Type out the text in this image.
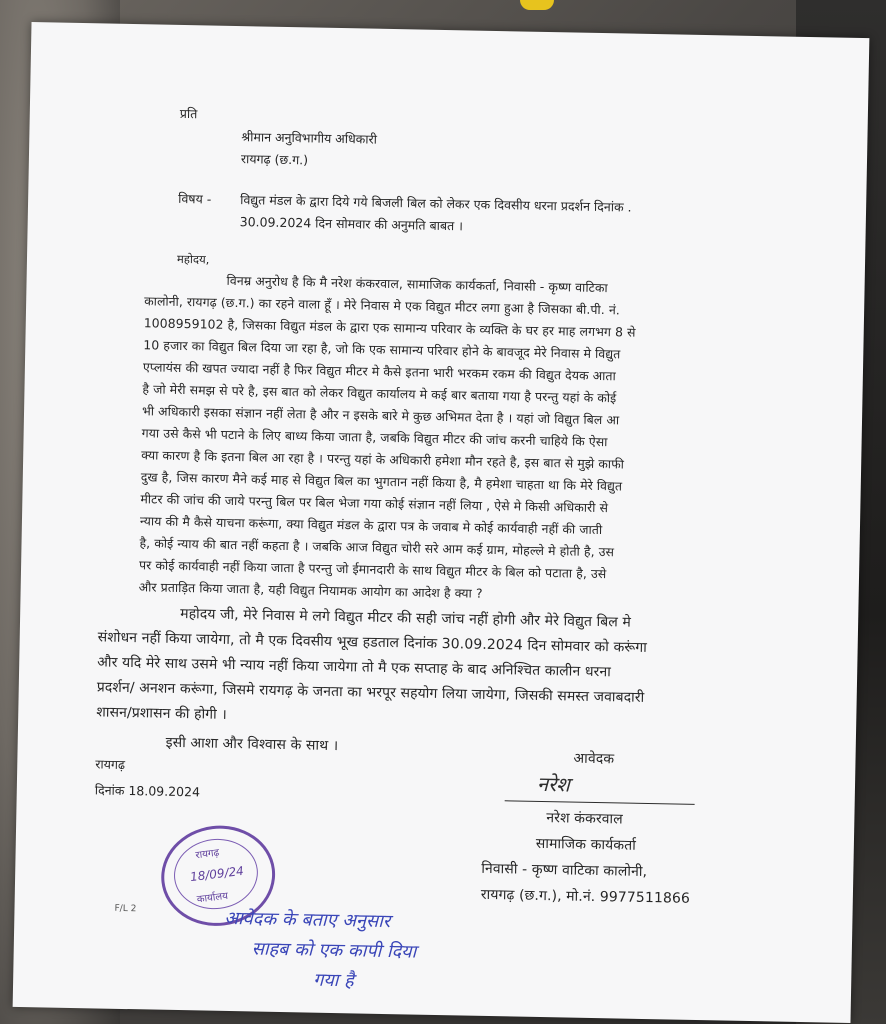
प्रति
श्रीमान अनुविभागीय अधिकारी
रायगढ़ (छ.ग.)
विषय - विद्युत मंडल के द्वारा दिये गये बिजली बिल को लेकर एक दिवसीय धरना प्रदर्शन दिनांक .
30.09.2024 दिन सोमवार की अनुमति बाबत ।
महोदय,
विनम्र अनुरोध है कि मै नरेश कंकरवाल, सामाजिक कार्यकर्ता, निवासी - कृष्ण वाटिका
कालोनी, रायगढ़ (छ.ग.) का रहने वाला हूँ । मेरे निवास मे एक विद्युत मीटर लगा हुआ है जिसका बी.पी. नं.
1008959102 है, जिसका विद्युत मंडल के द्वारा एक सामान्य परिवार के व्यक्ति के घर हर माह लगभग 8 से
10 हजार का विद्युत बिल दिया जा रहा है, जो कि एक सामान्य परिवार होने के बावजूद मेरे निवास मे विद्युत
एप्लायंस की खपत ज्यादा नहीं है फिर विद्युत मीटर मे कैसे इतना भारी भरकम रकम की विद्युत देयक आता
है जो मेरी समझ से परे है, इस बात को लेकर विद्युत कार्यालय मे कई बार बताया गया है परन्तु यहां के कोई
भी अधिकारी इसका संज्ञान नहीं लेता है और न इसके बारे मे कुछ अभिमत देता है । यहां जो विद्युत बिल आ
गया उसे कैसे भी पटाने के लिए बाध्य किया जाता है, जबकि विद्युत मीटर की जांच करनी चाहिये कि ऐसा
क्या कारण है कि इतना बिल आ रहा है । परन्तु यहां के अधिकारी हमेशा मौन रहते है, इस बात से मुझे काफी
दुख है, जिस कारण मैने कई माह से विद्युत बिल का भुगतान नहीं किया है, मै हमेशा चाहता था कि मेरे विद्युत
मीटर की जांच की जाये परन्तु बिल पर बिल भेजा गया कोई संज्ञान नहीं लिया , ऐसे मे किसी अधिकारी से
न्याय की मै कैसे याचना करूंगा, क्या विद्युत मंडल के द्वारा पत्र के जवाब मे कोई कार्यवाही नहीं की जाती
है, कोई न्याय की बात नहीं कहता है । जबकि आज विद्युत चोरी सरे आम कई ग्राम, मोहल्ले मे होती है, उस
पर कोई कार्यवाही नहीं किया जाता है परन्तु जो ईमानदारी के साथ विद्युत मीटर के बिल को पटाता है, उसे
और प्रताड़ित किया जाता है, यही विद्युत नियामक आयोग का आदेश है क्या ?
महोदय जी, मेरे निवास मे लगे विद्युत मीटर की सही जांच नहीं होगी और मेरे विद्युत बिल मे
संशोधन नहीं किया जायेगा, तो मै एक दिवसीय भूख हडताल दिनांक 30.09.2024 दिन सोमवार को करूंगा
और यदि मेरे साथ उसमे भी न्याय नहीं किया जायेगा तो मै एक सप्ताह के बाद अनिश्चित कालीन धरना
प्रदर्शन/ अनशन करूंगा, जिसमे रायगढ़ के जनता का भरपूर सहयोग लिया जायेगा, जिसकी समस्त जवाबदारी
शासन/प्रशासन की होगी ।
इसी आशा और विश्वास के साथ ।
रायगढ़
दिनांक 18.09.2024
आवेदक
नरेश
नरेश कंकरवाल
सामाजिक कार्यकर्ता
निवासी - कृष्ण वाटिका कालोनी,
रायगढ़ (छ.ग.), मो.नं. 9977511866
F/L 2
रायगढ़
18/09/24
कार्यालय
आवेदक के बताए अनुसार
साहब को एक कापी दिया
गया है
